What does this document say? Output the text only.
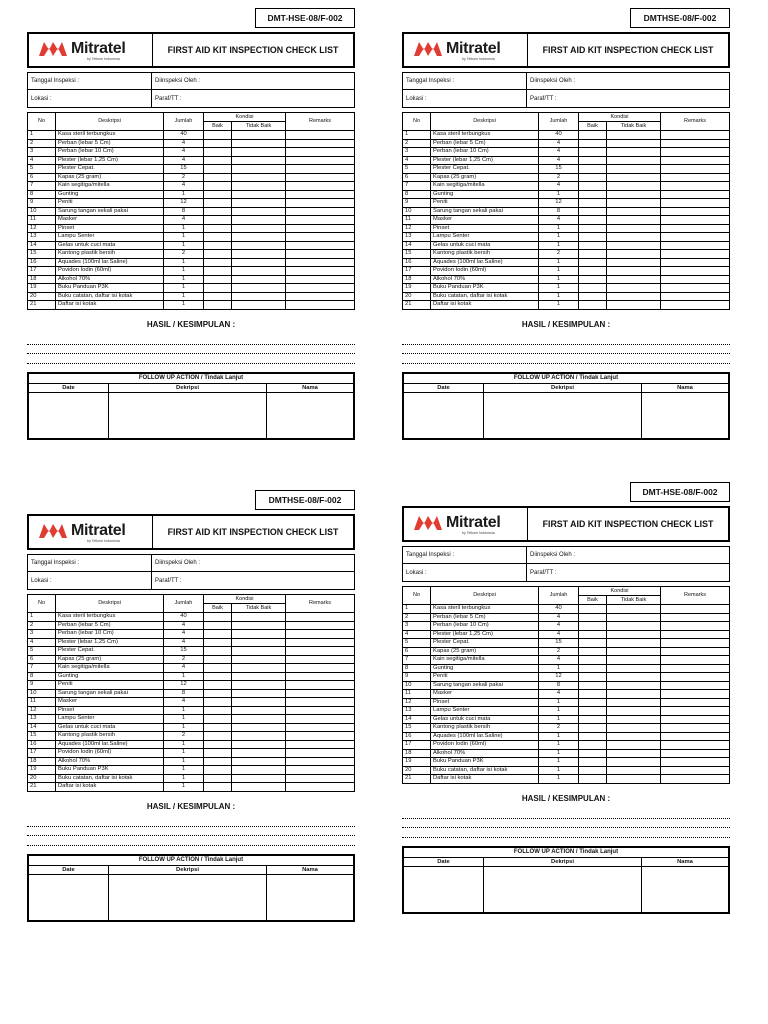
DMT-HSE-08/F-002
Mitratel
by Telkom Indonesia
FIRST AID KIT INSPECTION CHECK LIST
Tanggal Inspeksi :	Diinspeksi Oleh :
Lokasi :	Paraf/TT :
No	Deskripsi	Jumlah	Kondisi		Remarks
			Baik	Tidak Baik	
1	Kasa steril terbungkus	40			
2	Perban (lebar 5 Cm)	4			
3	Perban (lebar 10 Cm)	4			
4	Plester (lebar 1,25 Cm)	4			
5	Plester Cepat.	15			
6	Kapas (25 gram)	2			
7	Kain segitiga/mitella	4			
8	Gunting	1			
9	Peniti	12			
10	Sarung tangan sekali pakai	8			
11	Masker	4			
12	Pinset	1			
13	Lampu Senter	1			
14	Gelas untuk cuci mata	1			
15	Kantong plastik bersih	2			
16	Aquades (100ml lar.Saline)	1			
17	Povidon Iodin (60ml)	1			
18	Alkohol 70%	1			
19	Buku Panduan P3K	1			
20	Buku catatan, daftar isi kotak	1			
21	Daftar isi kotak	1			
HASIL / KESIMPULAN :
FOLLOW UP ACTION / Tindak Lanjut
Date	Dekripsi	Nama
DMTHSE-08/F-002
Mitratel
by Telkom Indonesia
FIRST AID KIT INSPECTION CHECK LIST
Tanggal Inspeksi :	Diinspeksi Oleh :
Lokasi :	Paraf/TT :
No	Deskripsi	Jumlah	Kondisi		Remarks
			Baik	Tidak Baik	
1	Kasa steril terbungkus	40			
2	Perban (lebar 5 Cm)	4			
3	Perban (lebar 10 Cm)	4			
4	Plester (lebar 1,25 Cm)	4			
5	Plester Cepat.	15			
6	Kapas (25 gram)	2			
7	Kain segitiga/mitella	4			
8	Gunting	1			
9	Peniti	12			
10	Sarung tangan sekali pakai	8			
11	Masker	4			
12	Pinset	1			
13	Lampu Senter	1			
14	Gelas untuk cuci mata	1			
15	Kantong plastik bersih	2			
16	Aquades (100ml lar.Saline)	1			
17	Povidon Iodin (60ml)	1			
18	Alkohol 70%	1			
19	Buku Panduan P3K	1			
20	Buku catatan, daftar isi kotak	1			
21	Daftar isi kotak	1			
HASIL / KESIMPULAN :
FOLLOW UP ACTION / Tindak Lanjut
Date	Dekripsi	Nama
DMTHSE-08/F-002
Mitratel
by Telkom Indonesia
FIRST AID KIT INSPECTION CHECK LIST
Tanggal Inspeksi :	Diinspeksi Oleh :
Lokasi :	Paraf/TT :
No	Deskripsi	Jumlah	Kondisi		Remarks
			Baik	Tidak Baik	
1	Kasa steril terbungkus	40			
2	Perban (lebar 5 Cm)	4			
3	Perban (lebar 10 Cm)	4			
4	Plester (lebar 1,25 Cm)	4			
5	Plester Cepat.	15			
6	Kapas (25 gram)	2			
7	Kain segitiga/mitella	4			
8	Gunting	1			
9	Peniti	12			
10	Sarung tangan sekali pakai	8			
11	Masker	4			
12	Pinset	1			
13	Lampu Senter	1			
14	Gelas untuk cuci mata	1			
15	Kantong plastik bersih	2			
16	Aquades (100ml lar.Saline)	1			
17	Povidon Iodin (60ml)	1			
18	Alkohol 70%	1			
19	Buku Panduan P3K	1			
20	Buku catatan, daftar isi kotak	1			
21	Daftar isi kotak	1			
HASIL / KESIMPULAN :
FOLLOW UP ACTION / Tindak Lanjut
Date	Dekripsi	Nama
DMT-HSE-08/F-002
Mitratel
by Telkom Indonesia
FIRST AID KIT INSPECTION CHECK LIST
Tanggal Inspeksi :	Diinspeksi Oleh :
Lokasi :	Paraf/TT :
No	Deskripsi	Jumlah	Kondisi		Remarks
			Baik	Tidak Baik	
1	Kasa steril terbungkus	40			
2	Perban (lebar 5 Cm)	4			
3	Perban (lebar 10 Cm)	4			
4	Plester (lebar 1,25 Cm)	4			
5	Plester Cepat.	15			
6	Kapas (25 gram)	2			
7	Kain segitiga/mitella	4			
8	Gunting	1			
9	Peniti	12			
10	Sarung tangan sekali pakai	8			
11	Masker	4			
12	Pinset	1			
13	Lampu Senter	1			
14	Gelas untuk cuci mata	1			
15	Kantong plastik bersih	2			
16	Aquades (100ml lar.Saline)	1			
17	Povidon Iodin (60ml)	1			
18	Alkohol 70%	1			
19	Buku Panduan P3K	1			
20	Buku catatan, daftar isi kotak	1			
21	Daftar isi kotak	1			
HASIL / KESIMPULAN :
FOLLOW UP ACTION / Tindak Lanjut
Date	Dekripsi	Nama
